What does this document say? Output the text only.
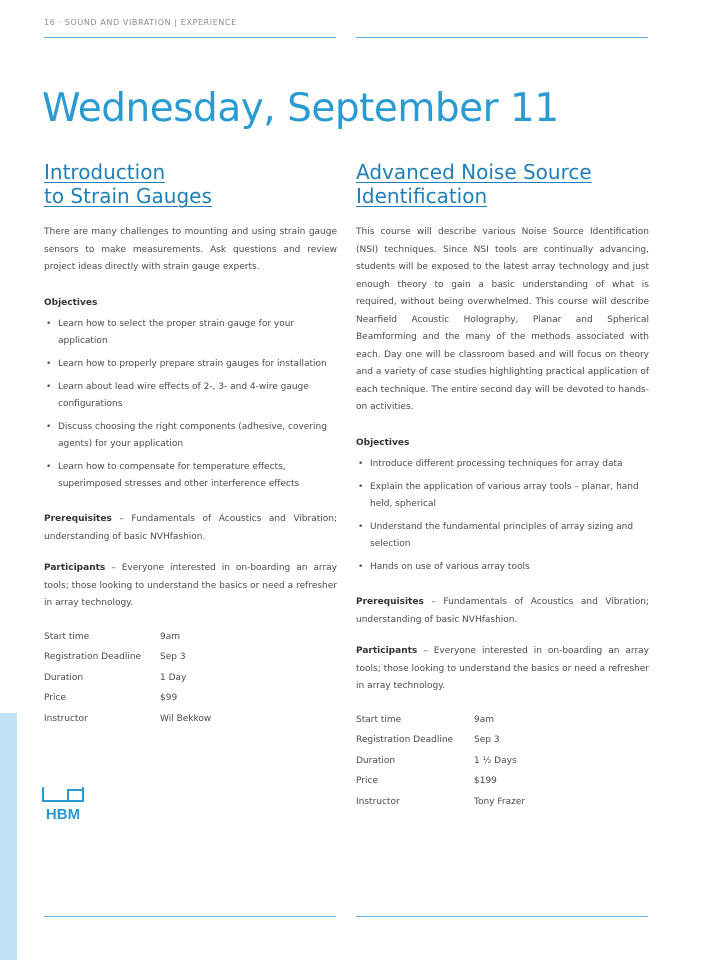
16 · SOUND AND VIBRATION | EXPERIENCE
Wednesday, September 11
Introduction
to Strain Gauges

There are many challenges to mounting and using strain gauge sensors to make measurements. Ask questions and review project ideas directly with strain gauge experts.

Objectives

• Learn how to select the proper strain gauge for your application
• Learn how to properly prepare strain gauges for installation
• Learn about lead wire effects of 2-, 3- and 4-wire gauge configurations
• Discuss choosing the right components (adhesive, covering agents) for your application
• Learn how to compensate for temperature effects, superimposed stresses and other interference effects

Prerequisites – Fundamentals of Acoustics and Vibration; understanding of basic NVHfashion.

Participants – Everyone interested in on-boarding an array tools; those looking to understand the basics or need a refresher in array technology.

Start time	9am
Registration Deadline	Sep 3
Duration	1 Day
Price	$99
Instructor	Wil Bekkow
Advanced Noise Source
Identification

This course will describe various Noise Source Identification (NSI) techniques. Since NSI tools are continually advancing, students will be exposed to the latest array technology and just enough theory to gain a basic understanding of what is required, without being overwhelmed. This course will describe Nearfield Acoustic Holography, Planar and Spherical Beamforming and the many of the methods associated with each. Day one will be classroom based and will focus on theory and a variety of case studies highlighting practical application of each technique. The entire second day will be devoted to hands-on activities.

Objectives

• Introduce different processing techniques for array data
• Explain the application of various array tools – planar, hand held, spherical
• Understand the fundamental principles of array sizing and selection
• Hands on use of various array tools

Prerequisites – Fundamentals of Acoustics and Vibration; understanding of basic NVHfashion.

Participants – Everyone interested in on-boarding an array tools; those looking to understand the basics or need a refresher in array technology.

Start time	9am
Registration Deadline	Sep 3
Duration	1 ½ Days
Price	$199
Instructor	Tony Frazer
HBM
